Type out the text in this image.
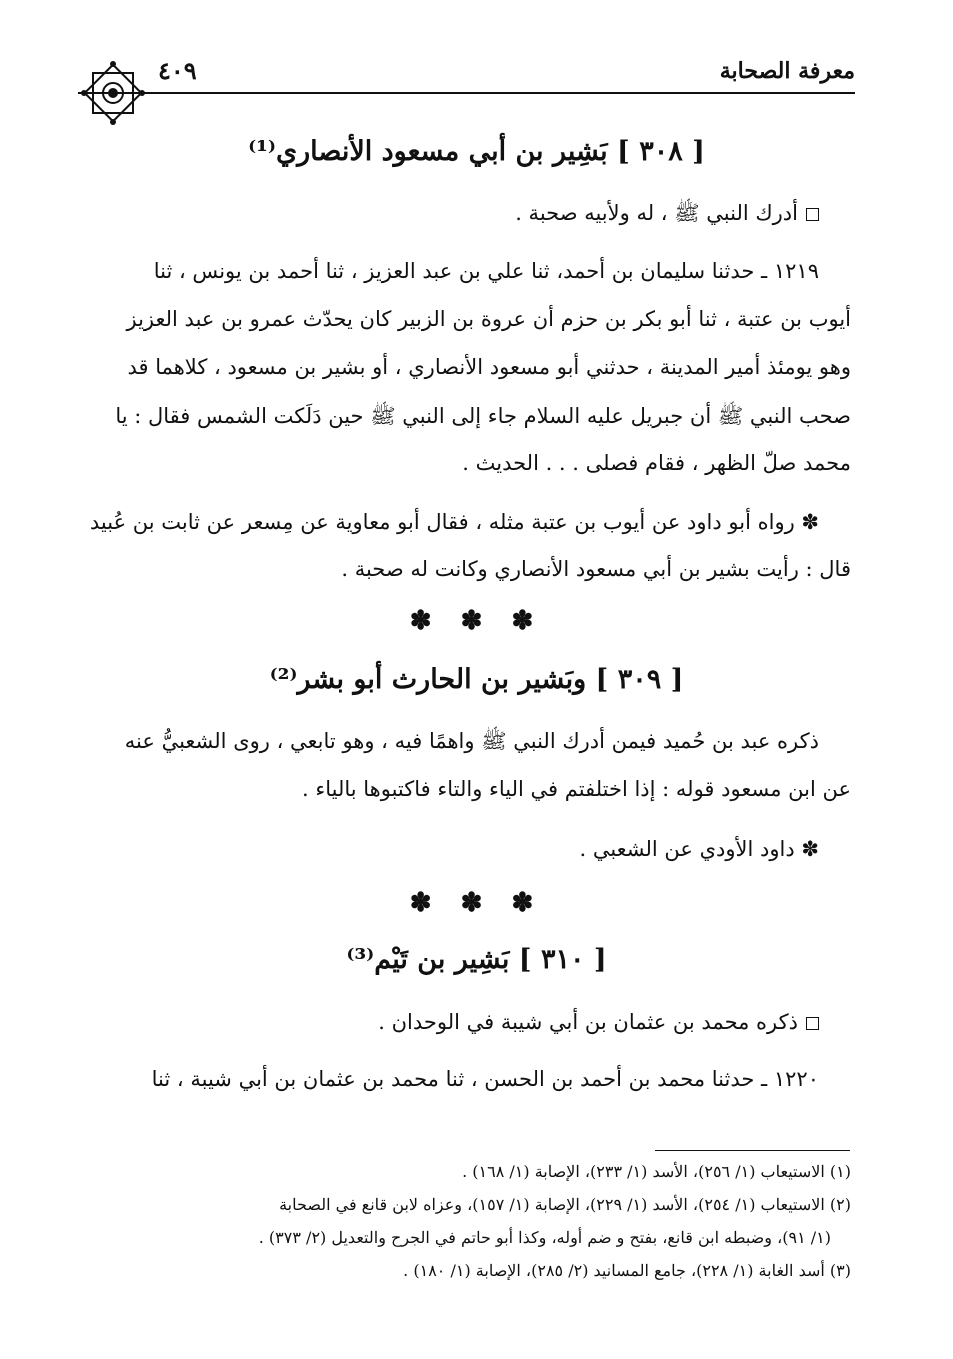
معرفة الصحابة
٤٠٩
[ ٣٠٨ ] بَشِير بن أبي مسعود الأنصاري⁽¹⁾
أدرك النبي ﷺ ، له ولأبيه صحبة .
١٢١٩ ـ حدثنا سليمان بن أحمد، ثنا علي بن عبد العزيز ، ثنا أحمد بن يونس ، ثنا
أيوب بن عتبة ، ثنا أبو بكر بن حزم أن عروة بن الزبير كان يحدّث عمرو بن عبد العزيز
وهو يومئذ أمير المدينة ، حدثني أبو مسعود الأنصاري ، أو بشير بن مسعود ، كلاهما قد
صحب النبي ﷺ أن جبريل عليه السلام جاء إلى النبي ﷺ حين دَلَكت الشمس فقال : يا
محمد صلّ الظهر ، فقام فصلى . . . الحديث .
✽ رواه أبو داود عن أيوب بن عتبة مثله ، فقال أبو معاوية عن مِسعر عن ثابت بن عُبيد
قال : رأيت بشير بن أبي مسعود الأنصاري وكانت له صحبة .
✽ ✽ ✽
[ ٣٠٩ ] وبَشير بن الحارث أبو بشر⁽²⁾
ذكره عبد بن حُميد فيمن أدرك النبي ﷺ واهمًا فيه ، وهو تابعي ، روى الشعبيُّ عنه
عن ابن مسعود قوله : إذا اختلفتم في الياء والتاء فاكتبوها بالياء .
✽ داود الأودي عن الشعبي .
✽ ✽ ✽
[ ٣١٠ ] بَشِير بن تَيْم⁽³⁾
ذكره محمد بن عثمان بن أبي شيبة في الوحدان .
١٢٢٠ ـ حدثنا محمد بن أحمد بن الحسن ، ثنا محمد بن عثمان بن أبي شيبة ، ثنا
(١) الاستيعاب (١/ ٢٥٦)، الأسد (١/ ٢٣٣)، الإصابة (١/ ١٦٨) .
(٢) الاستيعاب (١/ ٢٥٤)، الأسد (١/ ٢٢٩)، الإصابة (١/ ١٥٧)، وعزاه لابن قانع في الصحابة
(١/ ٩١)، وضبطه ابن قانع، بفتح و ضم أوله، وكذا أبو حاتم في الجرح والتعديل (٢/ ٣٧٣) .
(٣) أسد الغابة (١/ ٢٢٨)، جامع المسانيد (٢/ ٢٨٥)، الإصابة (١/ ١٨٠) .
